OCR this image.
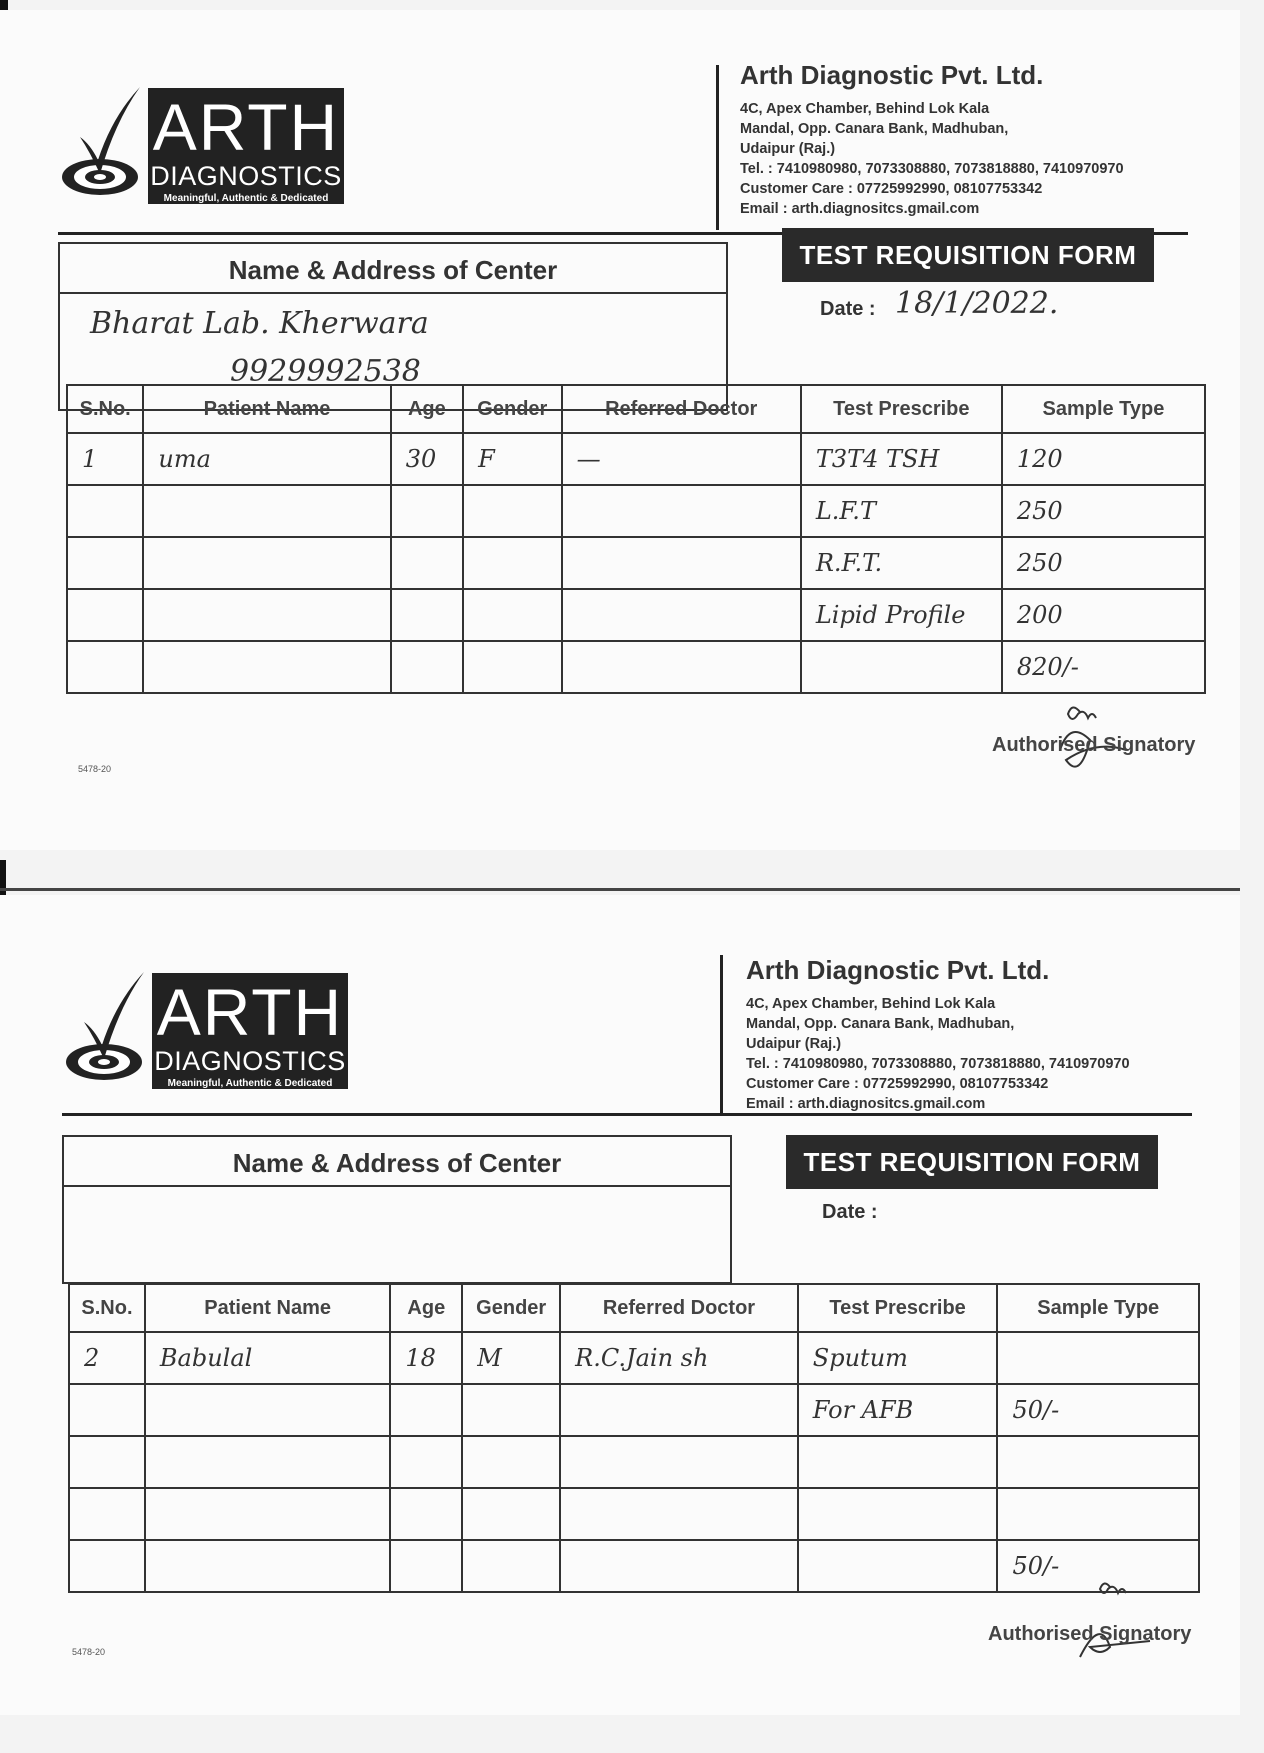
ARTH
DIAGNOSTICS
Meaningful, Authentic & Dedicated
Arth Diagnostic Pvt. Ltd.
4C, Apex Chamber, Behind Lok Kala
Mandal, Opp. Canara Bank, Madhuban,
Udaipur (Raj.)
Tel. : 7410980980, 7073308880, 7073818880, 7410970970
Customer Care : 07725992990, 08107753342
Email : arth.diagnositcs.gmail.com
Name & Address of Center
Bharat Lab. Kherwara
9929992538
TEST REQUISITION FORM
Date : 18/1/2022.
S.No.	Patient Name	Age	Gender	Referred Doctor	Test Prescribe	Sample Type
1	uma	30	F	—	T3T4 TSH	120
					L.F.T	250
					R.F.T.	250
					Lipid Profile	200
						820/-
Authorised Signatory
5478-20
ARTH
DIAGNOSTICS
Meaningful, Authentic & Dedicated
Arth Diagnostic Pvt. Ltd.
4C, Apex Chamber, Behind Lok Kala
Mandal, Opp. Canara Bank, Madhuban,
Udaipur (Raj.)
Tel. : 7410980980, 7073308880, 7073818880, 7410970970
Customer Care : 07725992990, 08107753342
Email : arth.diagnositcs.gmail.com
Name & Address of Center	TEST REQUISITION FORM
Date :
S.No.	Patient Name	Age	Gender	Referred Doctor	Test Prescribe	Sample Type
2	Babulal	18	M	R.C.Jain sh	Sputum	
					For AFB	50/-

						50/-
Authorised Signatory
5478-20
